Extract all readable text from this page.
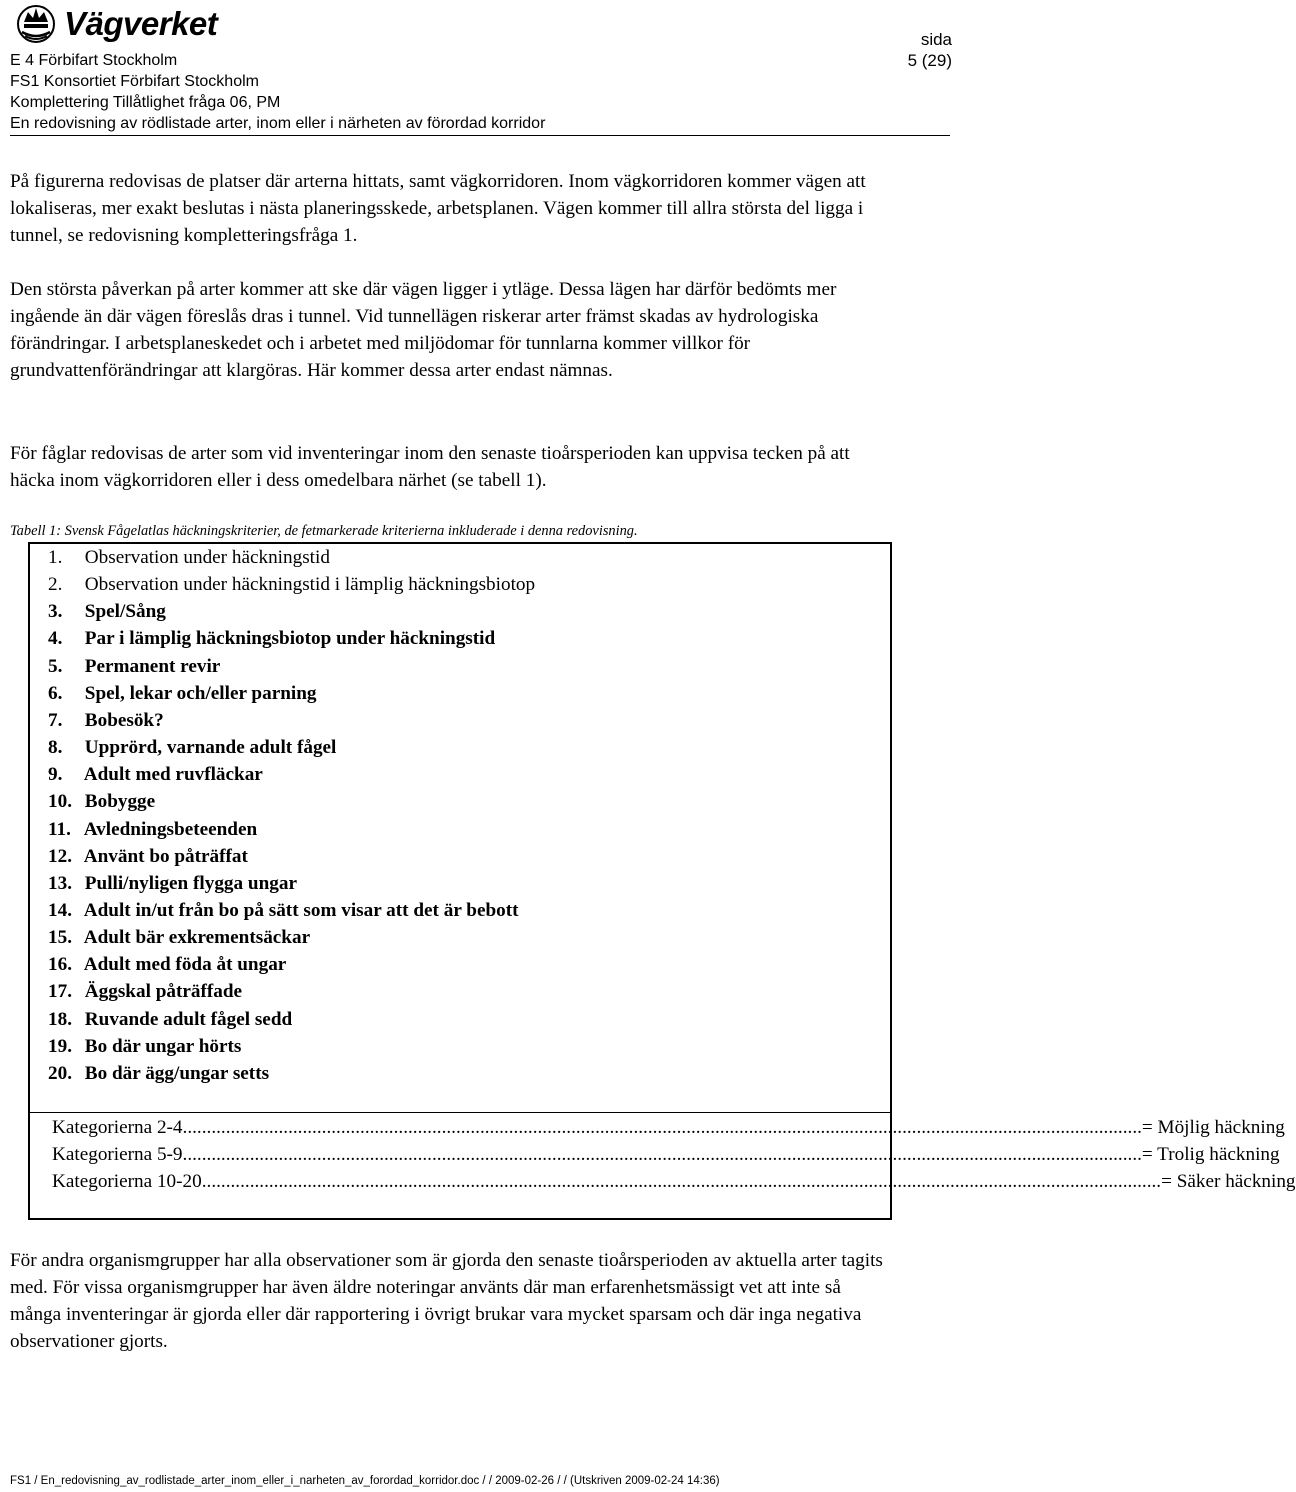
Vägverket	sida
5 (29)
E 4 Förbifart Stockholm
FS1 Konsortiet Förbifart Stockholm
Komplettering Tillåtlighet fråga 06, PM
En redovisning av rödlistade arter, inom eller i närheten av förordad korridor

På figurerna redovisas de platser där arterna hittats, samt vägkorridoren. Inom vägkorridoren kommer vägen att lokaliseras, mer exakt beslutas i nästa planeringsskede, arbetsplanen. Vägen kommer till allra största del ligga i tunnel, se redovisning kompletteringsfråga 1.

Den största påverkan på arter kommer att ske där vägen ligger i ytläge. Dessa lägen har därför bedömts mer ingående än där vägen föreslås dras i tunnel. Vid tunnellägen riskerar arter främst skadas av hydrologiska förändringar. I arbetsplaneskedet och i arbetet med miljödomar för tunnlarna kommer villkor för grundvattenförändringar att klargöras. Här kommer dessa arter endast nämnas.

För fåglar redovisas de arter som vid inventeringar inom den senaste tioårsperioden kan uppvisa tecken på att häcka inom vägkorridoren eller i dess omedelbara närhet (se tabell 1).

Tabell 1: Svensk Fågelatlas häckningskriterier, de fetmarkerade kriterierna inkluderade i denna redovisning.
1. Observation under häckningstid
2. Observation under häckningstid i lämplig häckningsbiotop
3. Spel/Sång
4. Par i lämplig häckningsbiotop under häckningstid
5. Permanent revir
6. Spel, lekar och/eller parning
7. Bobesök?
8. Upprörd, varnande adult fågel
9. Adult med ruvfläckar
10. Bobygge
11. Avledningsbeteenden
12. Använt bo påträffat
13. Pulli/nyligen flygga ungar
14. Adult in/ut från bo på sätt som visar att det är bebott
15. Adult bär exkrementsäckar
16. Adult med föda åt ungar
17. Äggskal påträffade
18. Ruvande adult fågel sedd
19. Bo där ungar hörts
20. Bo där ägg/ungar setts
Kategorierna 2-4 ........................................................................................................................................................................................................ = Möjlig häckning
Kategorierna 5-9 ........................................................................................................................................................................................................ = Trolig häckning
Kategorierna 10-20 ........................................................................................................................................................................................................ = Säker häckning

För andra organismgrupper har alla observationer som är gjorda den senaste tioårsperioden av aktuella arter tagits med. För vissa organismgrupper har även äldre noteringar använts där man erfarenhetsmässigt vet att inte så många inventeringar är gjorda eller där rapportering i övrigt brukar vara mycket sparsam och där inga negativa observationer gjorts.

FS1 / En_redovisning_av_rodlistade_arter_inom_eller_i_narheten_av_forordad_korridor.doc / / 2009-02-26 / / (Utskriven 2009-02-24 14:36)
